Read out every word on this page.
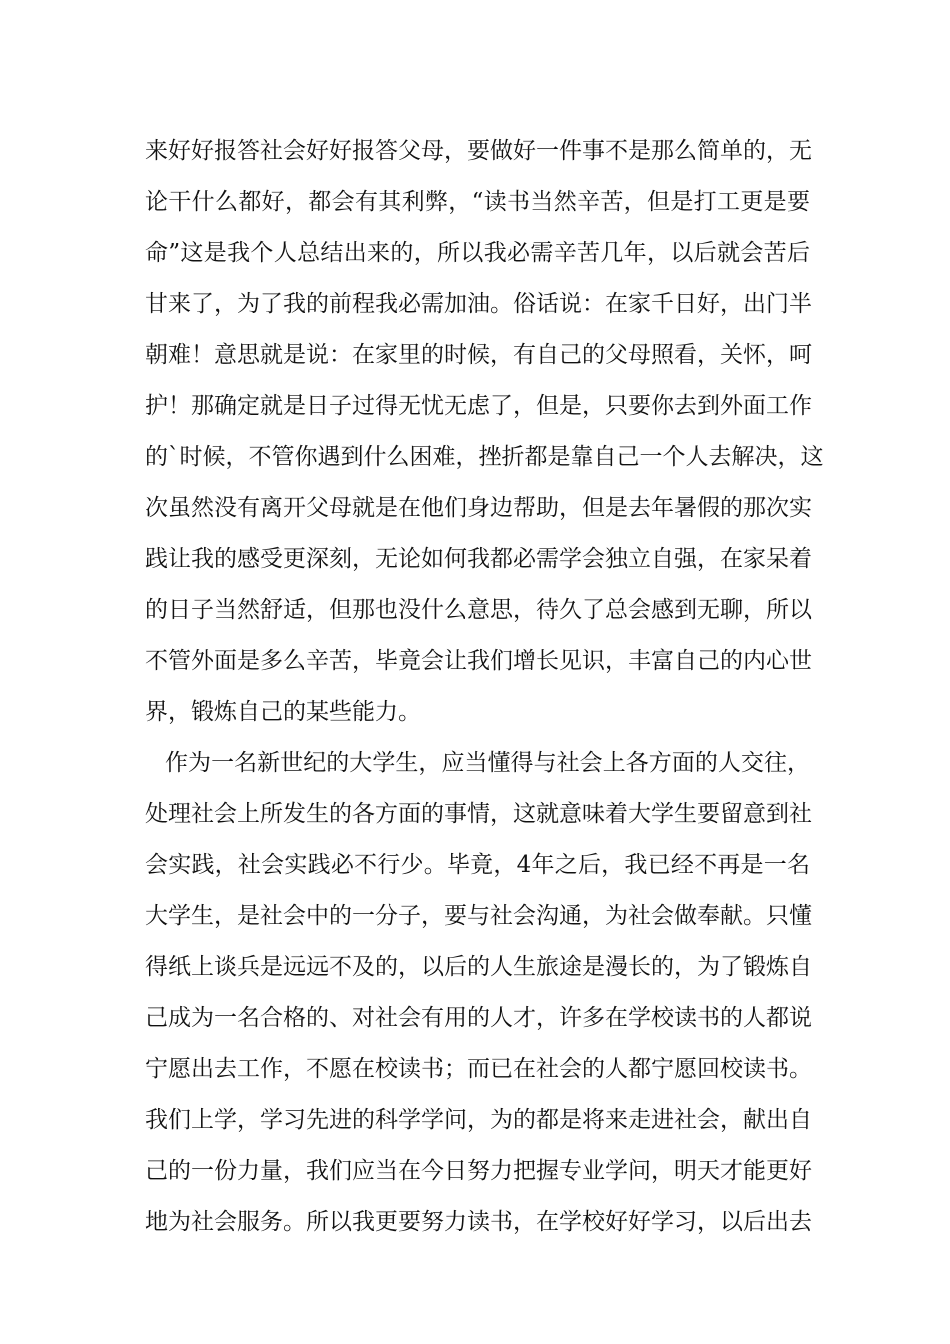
来好好报答社会好好报答父母，要做好一件事不是那么简单的，无
论干什么都好，都会有其利弊，“读书当然辛苦，但是打工更是要
命”这是我个人总结出来的，所以我必需辛苦几年，以后就会苦后
甘来了，为了我的前程我必需加油。俗话说：在家千日好，出门半
朝难！意思就是说：在家里的时候，有自己的父母照看，关怀，呵
护！那确定就是日子过得无忧无虑了，但是，只要你去到外面工作
的`时候，不管你遇到什么困难，挫折都是靠自己一个人去解决，这
次虽然没有离开父母就是在他们身边帮助，但是去年暑假的那次实
践让我的感受更深刻，无论如何我都必需学会独立自强，在家呆着
的日子当然舒适，但那也没什么意思，待久了总会感到无聊，所以
不管外面是多么辛苦，毕竟会让我们增长见识，丰富自己的内心世
界，锻炼自己的某些能力。
作为一名新世纪的大学生，应当懂得与社会上各方面的人交往，
处理社会上所发生的各方面的事情，这就意味着大学生要留意到社
会实践，社会实践必不行少。毕竟，4年之后，我已经不再是一名
大学生，是社会中的一分子，要与社会沟通，为社会做奉献。只懂
得纸上谈兵是远远不及的，以后的人生旅途是漫长的，为了锻炼自
己成为一名合格的、对社会有用的人才，许多在学校读书的人都说
宁愿出去工作，不愿在校读书；而已在社会的人都宁愿回校读书。
我们上学，学习先进的科学学问，为的都是将来走进社会，献出自
己的一份力量，我们应当在今日努力把握专业学问，明天才能更好
地为社会服务。所以我更要努力读书，在学校好好学习，以后出去
